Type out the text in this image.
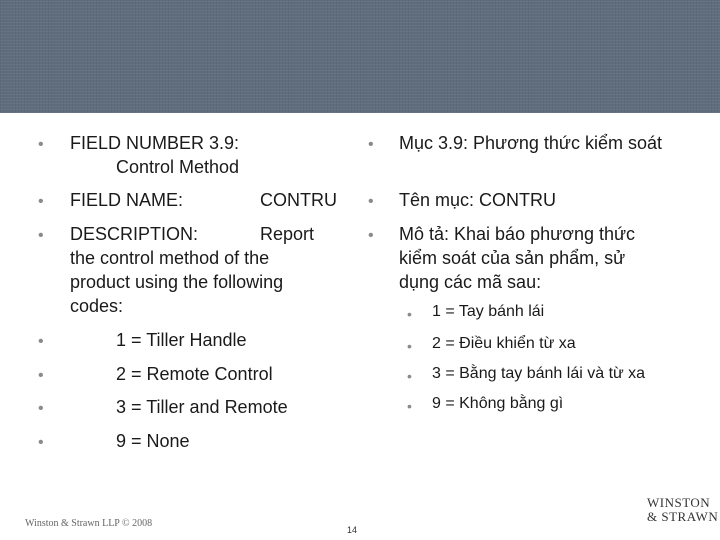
• FIELD NUMBER 3.9:
Control Method
• FIELD NAME:	CONTRU
• DESCRIPTION:	Report
the control method of the product using the following codes:
•	1 = Tiller Handle
•	2 = Remote Control
•	3 = Tiller and Remote
•	9 = None
• Mục 3.9: Phương thức kiểm soát
• Tên mục: CONTRU
• Mô tả: Khai báo phương thức kiểm soát của sản phẩm, sử dụng các mã sau:
• 1 = Tay bánh lái
• 2 = Điều khiển từ xa
• 3 = Bằng tay bánh lái và từ xa
• 9 = Không bằng gì
Winston & Strawn LLP © 2008
14
WINSTON
& STRAWN
